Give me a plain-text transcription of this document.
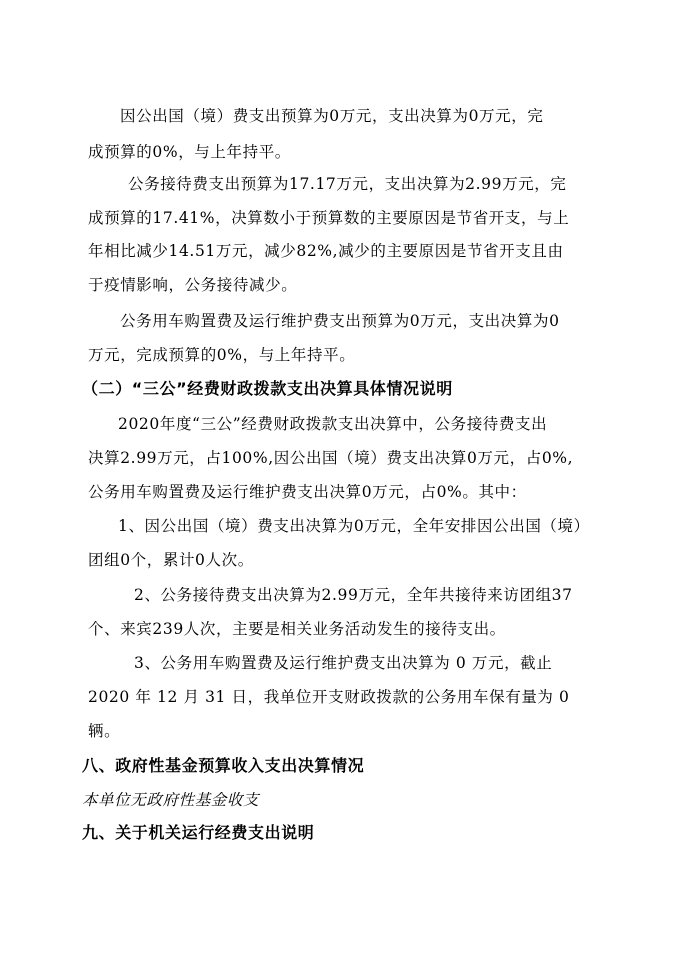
因公出国（境）费支出预算为0万元，支出决算为0万元，完
成预算的0%，与上年持平。
公务接待费支出预算为17.17万元，支出决算为2.99万元，完
成预算的17.41%，决算数小于预算数的主要原因是节省开支，与上
年相比减少14.51万元，减少82%,减少的主要原因是节省开支且由
于疫情影响，公务接待减少。
公务用车购置费及运行维护费支出预算为0万元，支出决算为0
万元，完成预算的0%，与上年持平。
（二）“三公”经费财政拨款支出决算具体情况说明
2020年度“三公”经费财政拨款支出决算中，公务接待费支出
决算2.99万元，占100%,因公出国（境）费支出决算0万元，占0%,
公务用车购置费及运行维护费支出决算0万元，占0%。其中：
1、因公出国（境）费支出决算为0万元，全年安排因公出国（境）
团组0个，累计0人次。
2、公务接待费支出决算为2.99万元，全年共接待来访团组37
个、来宾239人次，主要是相关业务活动发生的接待支出。
3、公务用车购置费及运行维护费支出决算为 0 万元，截止
2020 年 12 月 31 日，我单位开支财政拨款的公务用车保有量为 0
辆。
八、政府性基金预算收入支出决算情况
本单位无政府性基金收支
九、关于机关运行经费支出说明
